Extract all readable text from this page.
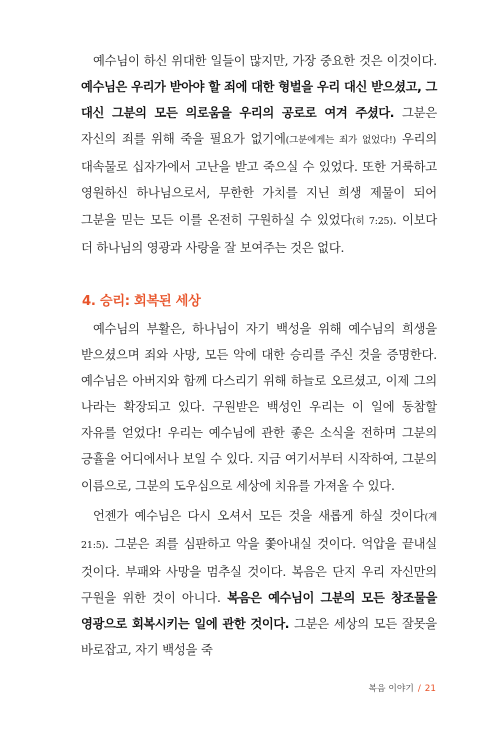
예수님이 하신 위대한 일들이 많지만, 가장 중요한 것은 이것이다. 예수님은 우리가 받아야 할 죄에 대한 형벌을 우리 대신 받으셨고, 그 대신 그분의 모든 의로움을 우리의 공로로 여겨 주셨다. 그분은 자신의 죄를 위해 죽을 필요가 없기에(그분에게는 죄가 없었다!) 우리의 대속물로 십자가에서 고난을 받고 죽으실 수 있었다. 또한 거룩하고 영원하신 하나님으로서, 무한한 가치를 지닌 희생 제물이 되어 그분을 믿는 모든 이를 온전히 구원하실 수 있었다(히 7:25). 이보다 더 하나님의 영광과 사랑을 잘 보여주는 것은 없다.

4. 승리: 회복된 세상

예수님의 부활은, 하나님이 자기 백성을 위해 예수님의 희생을 받으셨으며 죄와 사망, 모든 악에 대한 승리를 주신 것을 증명한다. 예수님은 아버지와 함께 다스리기 위해 하늘로 오르셨고, 이제 그의 나라는 확장되고 있다. 구원받은 백성인 우리는 이 일에 동참할 자유를 얻었다! 우리는 예수님에 관한 좋은 소식을 전하며 그분의 긍휼을 어디에서나 보일 수 있다. 지금 여기서부터 시작하여, 그분의 이름으로, 그분의 도우심으로 세상에 치유를 가져올 수 있다.

언젠가 예수님은 다시 오셔서 모든 것을 새롭게 하실 것이다(계 21:5). 그분은 죄를 심판하고 악을 쫓아내실 것이다. 억압을 끝내실 것이다. 부패와 사망을 멈추실 것이다. 복음은 단지 우리 자신만의 구원을 위한 것이 아니다. 복음은 예수님이 그분의 모든 창조물을 영광으로 회복시키는 일에 관한 것이다. 그분은 세상의 모든 잘못을 바로잡고, 자기 백성을 죽

복음 이야기 / 21
